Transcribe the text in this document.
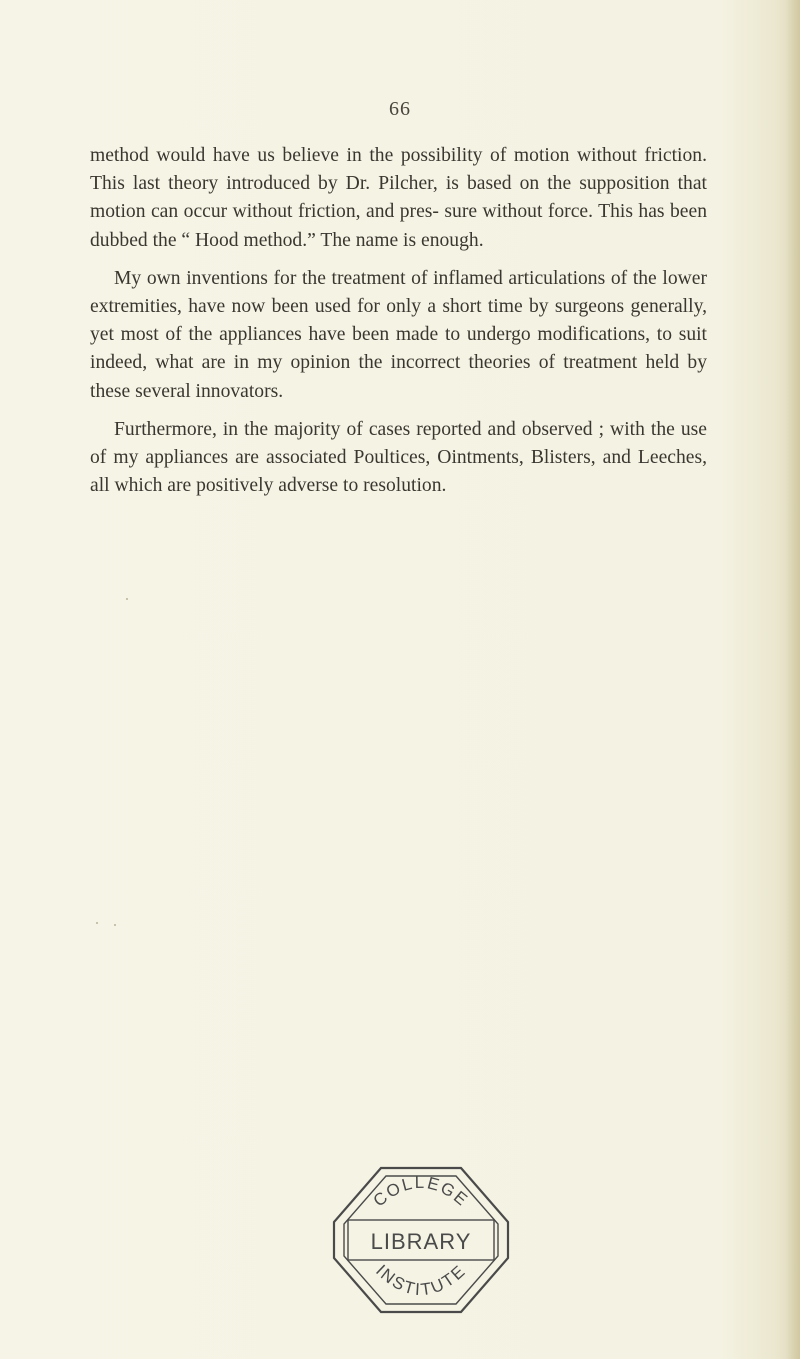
66

method would have us believe in the possibility of motion without friction. This last theory introduced by Dr. Pilcher, is based on the supposition that motion can occur without friction, and pres- sure without force. This has been dubbed the “ Hood method.” The name is enough.

My own inventions for the treatment of inflamed articulations of the lower extremities, have now been used for only a short time by surgeons generally, yet most of the appliances have been made to undergo modifications, to suit indeed, what are in my opinion the incorrect theories of treatment held by these several innovators.

Furthermore, in the majority of cases reported and observed ; with the use of my appliances are associated Poultices, Ointments, Blisters, and Leeches, all which are positively adverse to resolution.

LIBRARY
COLLEGE
INSTITUTE
